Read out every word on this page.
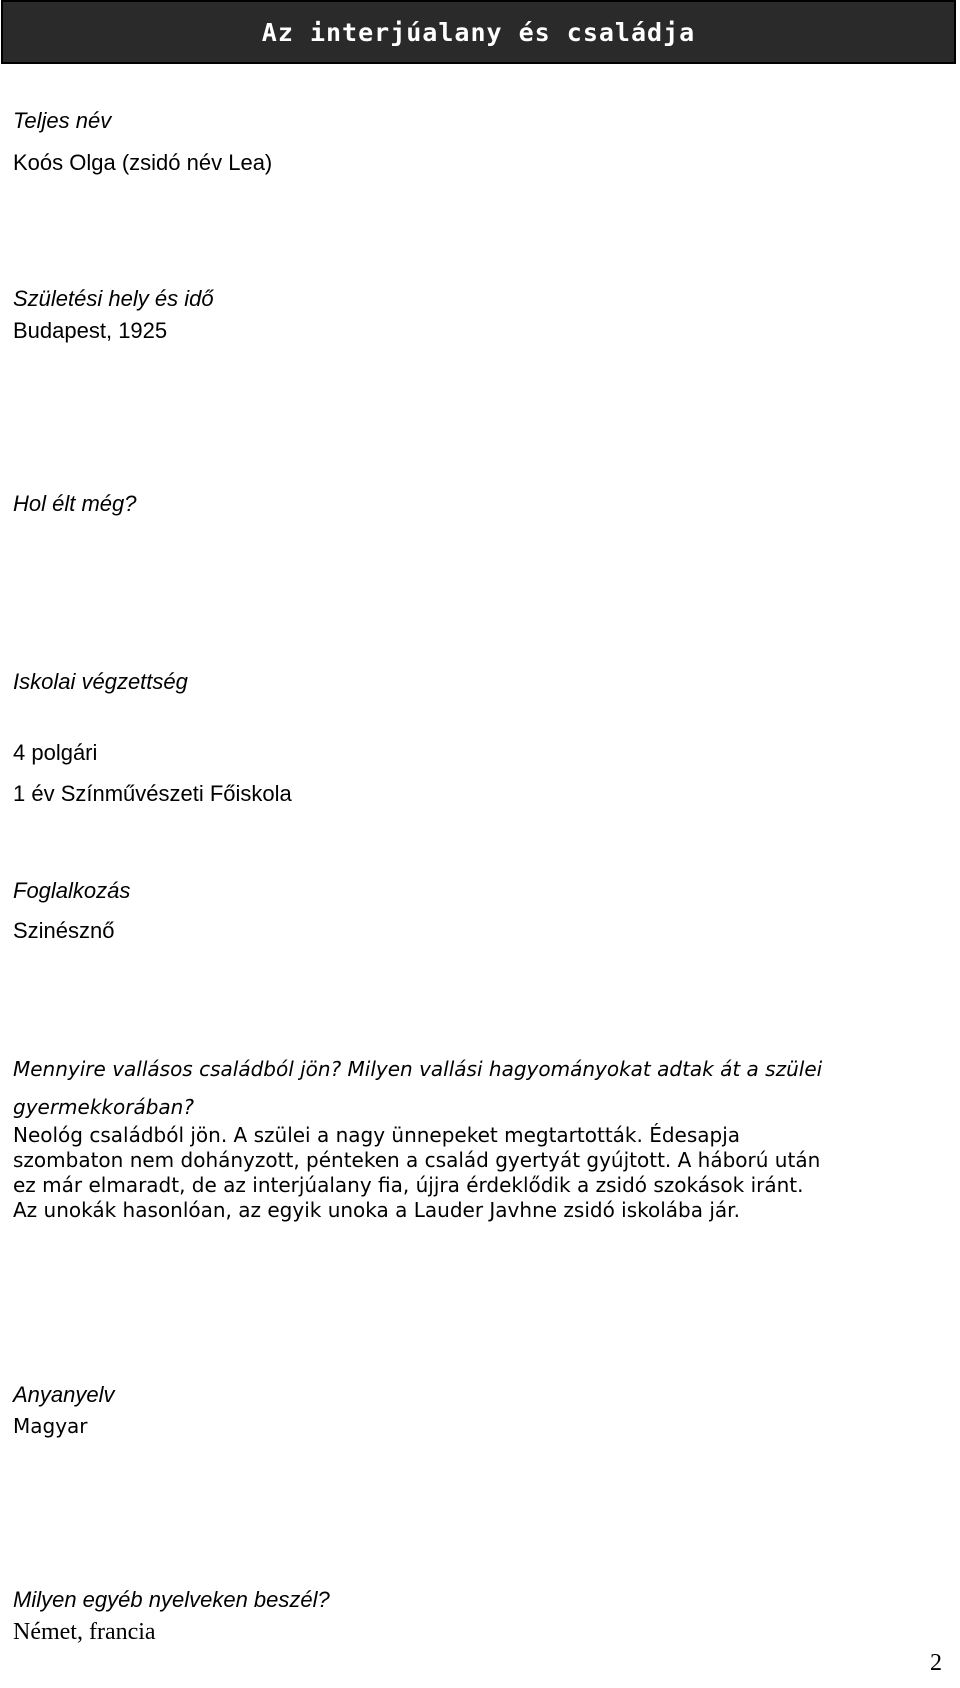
Az interjúalany és családja

Teljes név

Koós Olga (zsidó név Lea)

Születési hely és idő

Budapest, 1925

Hol élt még?

Iskolai végzettség

4 polgári

1 év Színművészeti Főiskola

Foglalkozás

Szinésznő

Mennyire vallásos családból jön? Milyen vallási hagyományokat adtak át a szülei gyermekkorában?

Neológ családból jön. A szülei a nagy ünnepeket megtartották. Édesapja
szombaton nem dohányzott, pénteken a család gyertyát gyújtott. A háború után
ez már elmaradt, de az interjúalany fia, újjra érdeklődik a zsidó szokások iránt.
Az unokák hasonlóan, az egyik unoka a Lauder Javhne zsidó iskolába jár.

Anyanyelv

Magyar

Milyen egyéb nyelveken beszél?

Német, francia

2
